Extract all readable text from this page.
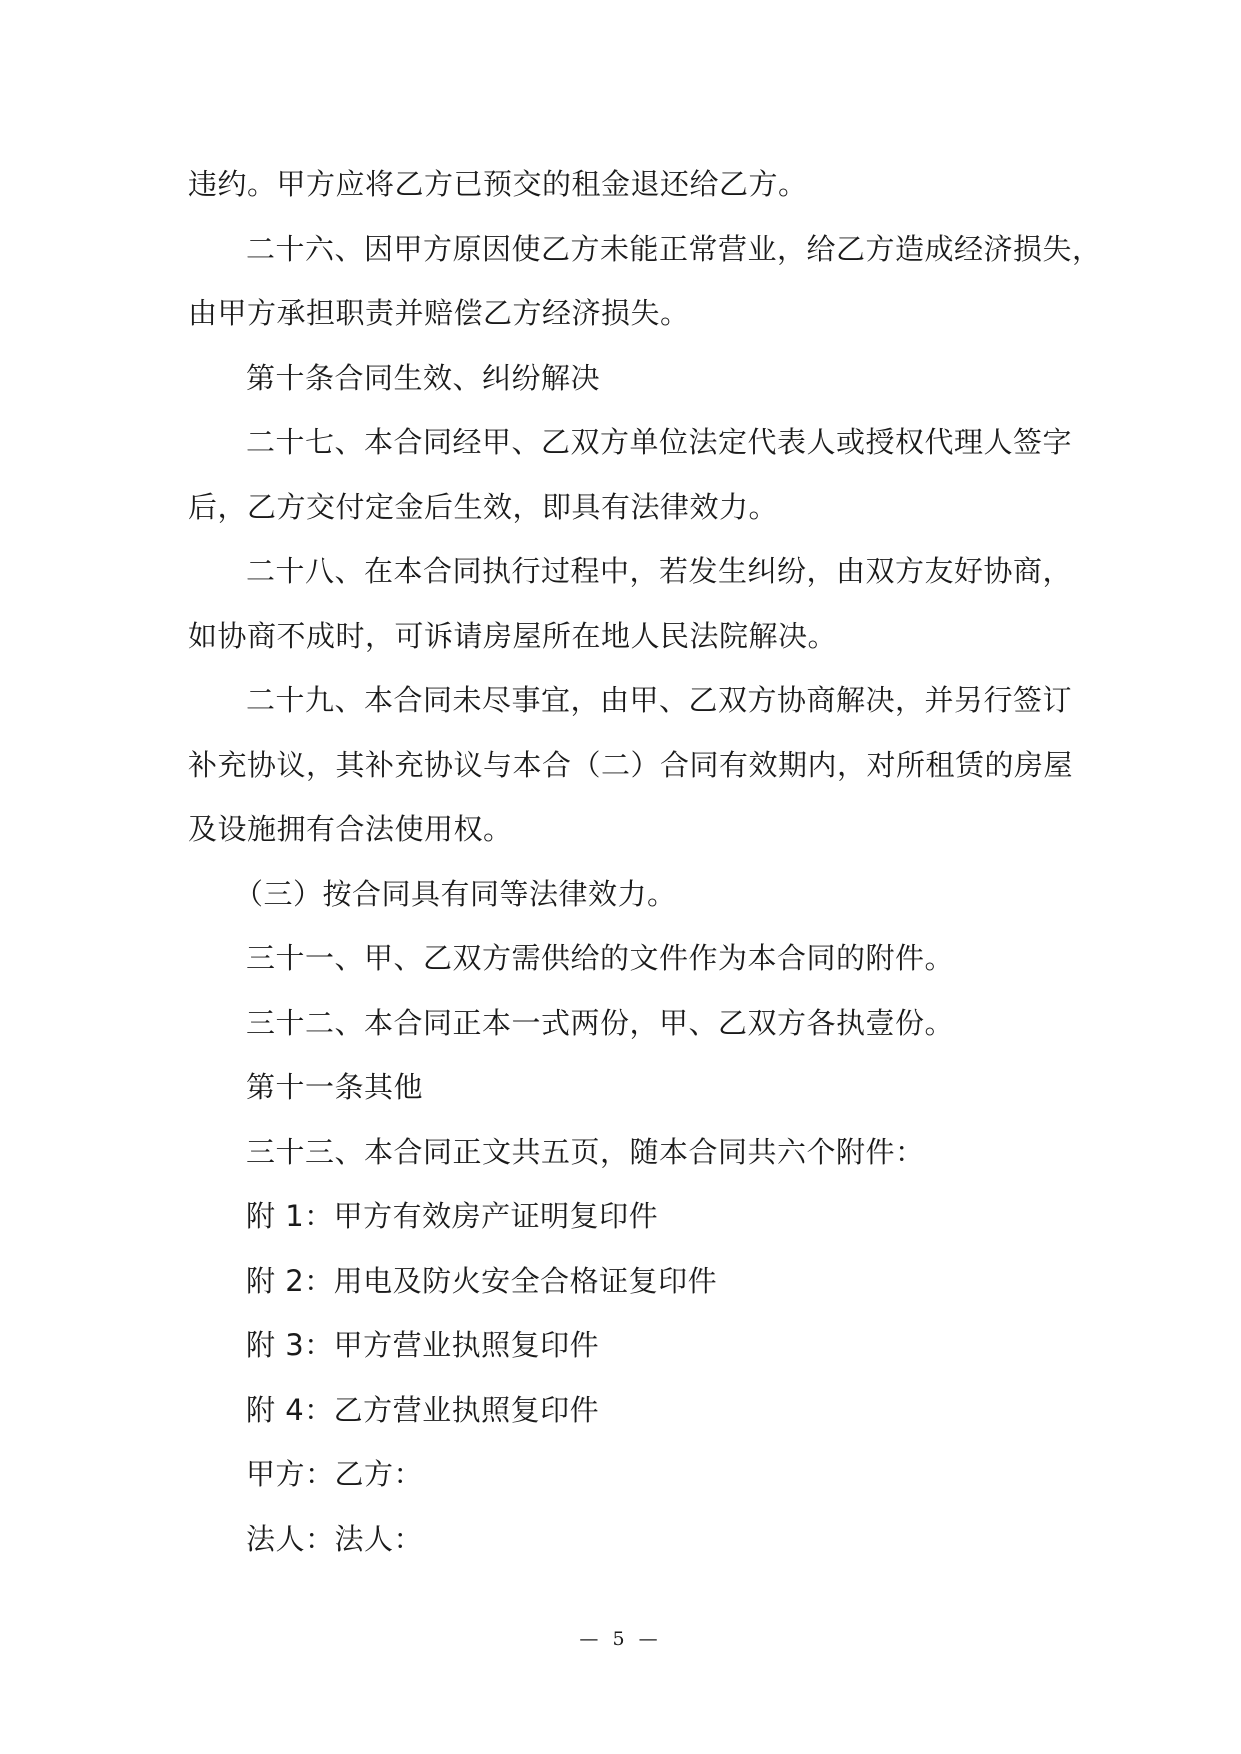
违约。甲方应将乙方已预交的租金退还给乙方。
二十六、因甲方原因使乙方未能正常营业，给乙方造成经济损失，
由甲方承担职责并赔偿乙方经济损失。
第十条合同生效、纠纷解决
二十七、本合同经甲、乙双方单位法定代表人或授权代理人签字
后，乙方交付定金后生效，即具有法律效力。
二十八、在本合同执行过程中，若发生纠纷，由双方友好协商，
如协商不成时，可诉请房屋所在地人民法院解决。
二十九、本合同未尽事宜，由甲、乙双方协商解决，并另行签订
补充协议，其补充协议与本合（二）合同有效期内，对所租赁的房屋
及设施拥有合法使用权。
（三）按合同具有同等法律效力。
三十一、甲、乙双方需供给的文件作为本合同的附件。
三十二、本合同正本一式两份，甲、乙双方各执壹份。
第十一条其他
三十三、本合同正文共五页，随本合同共六个附件：
附 1：甲方有效房产证明复印件
附 2：用电及防火安全合格证复印件
附 3：甲方营业执照复印件
附 4：乙方营业执照复印件
甲方：乙方：
法人：法人：
— 5 —
